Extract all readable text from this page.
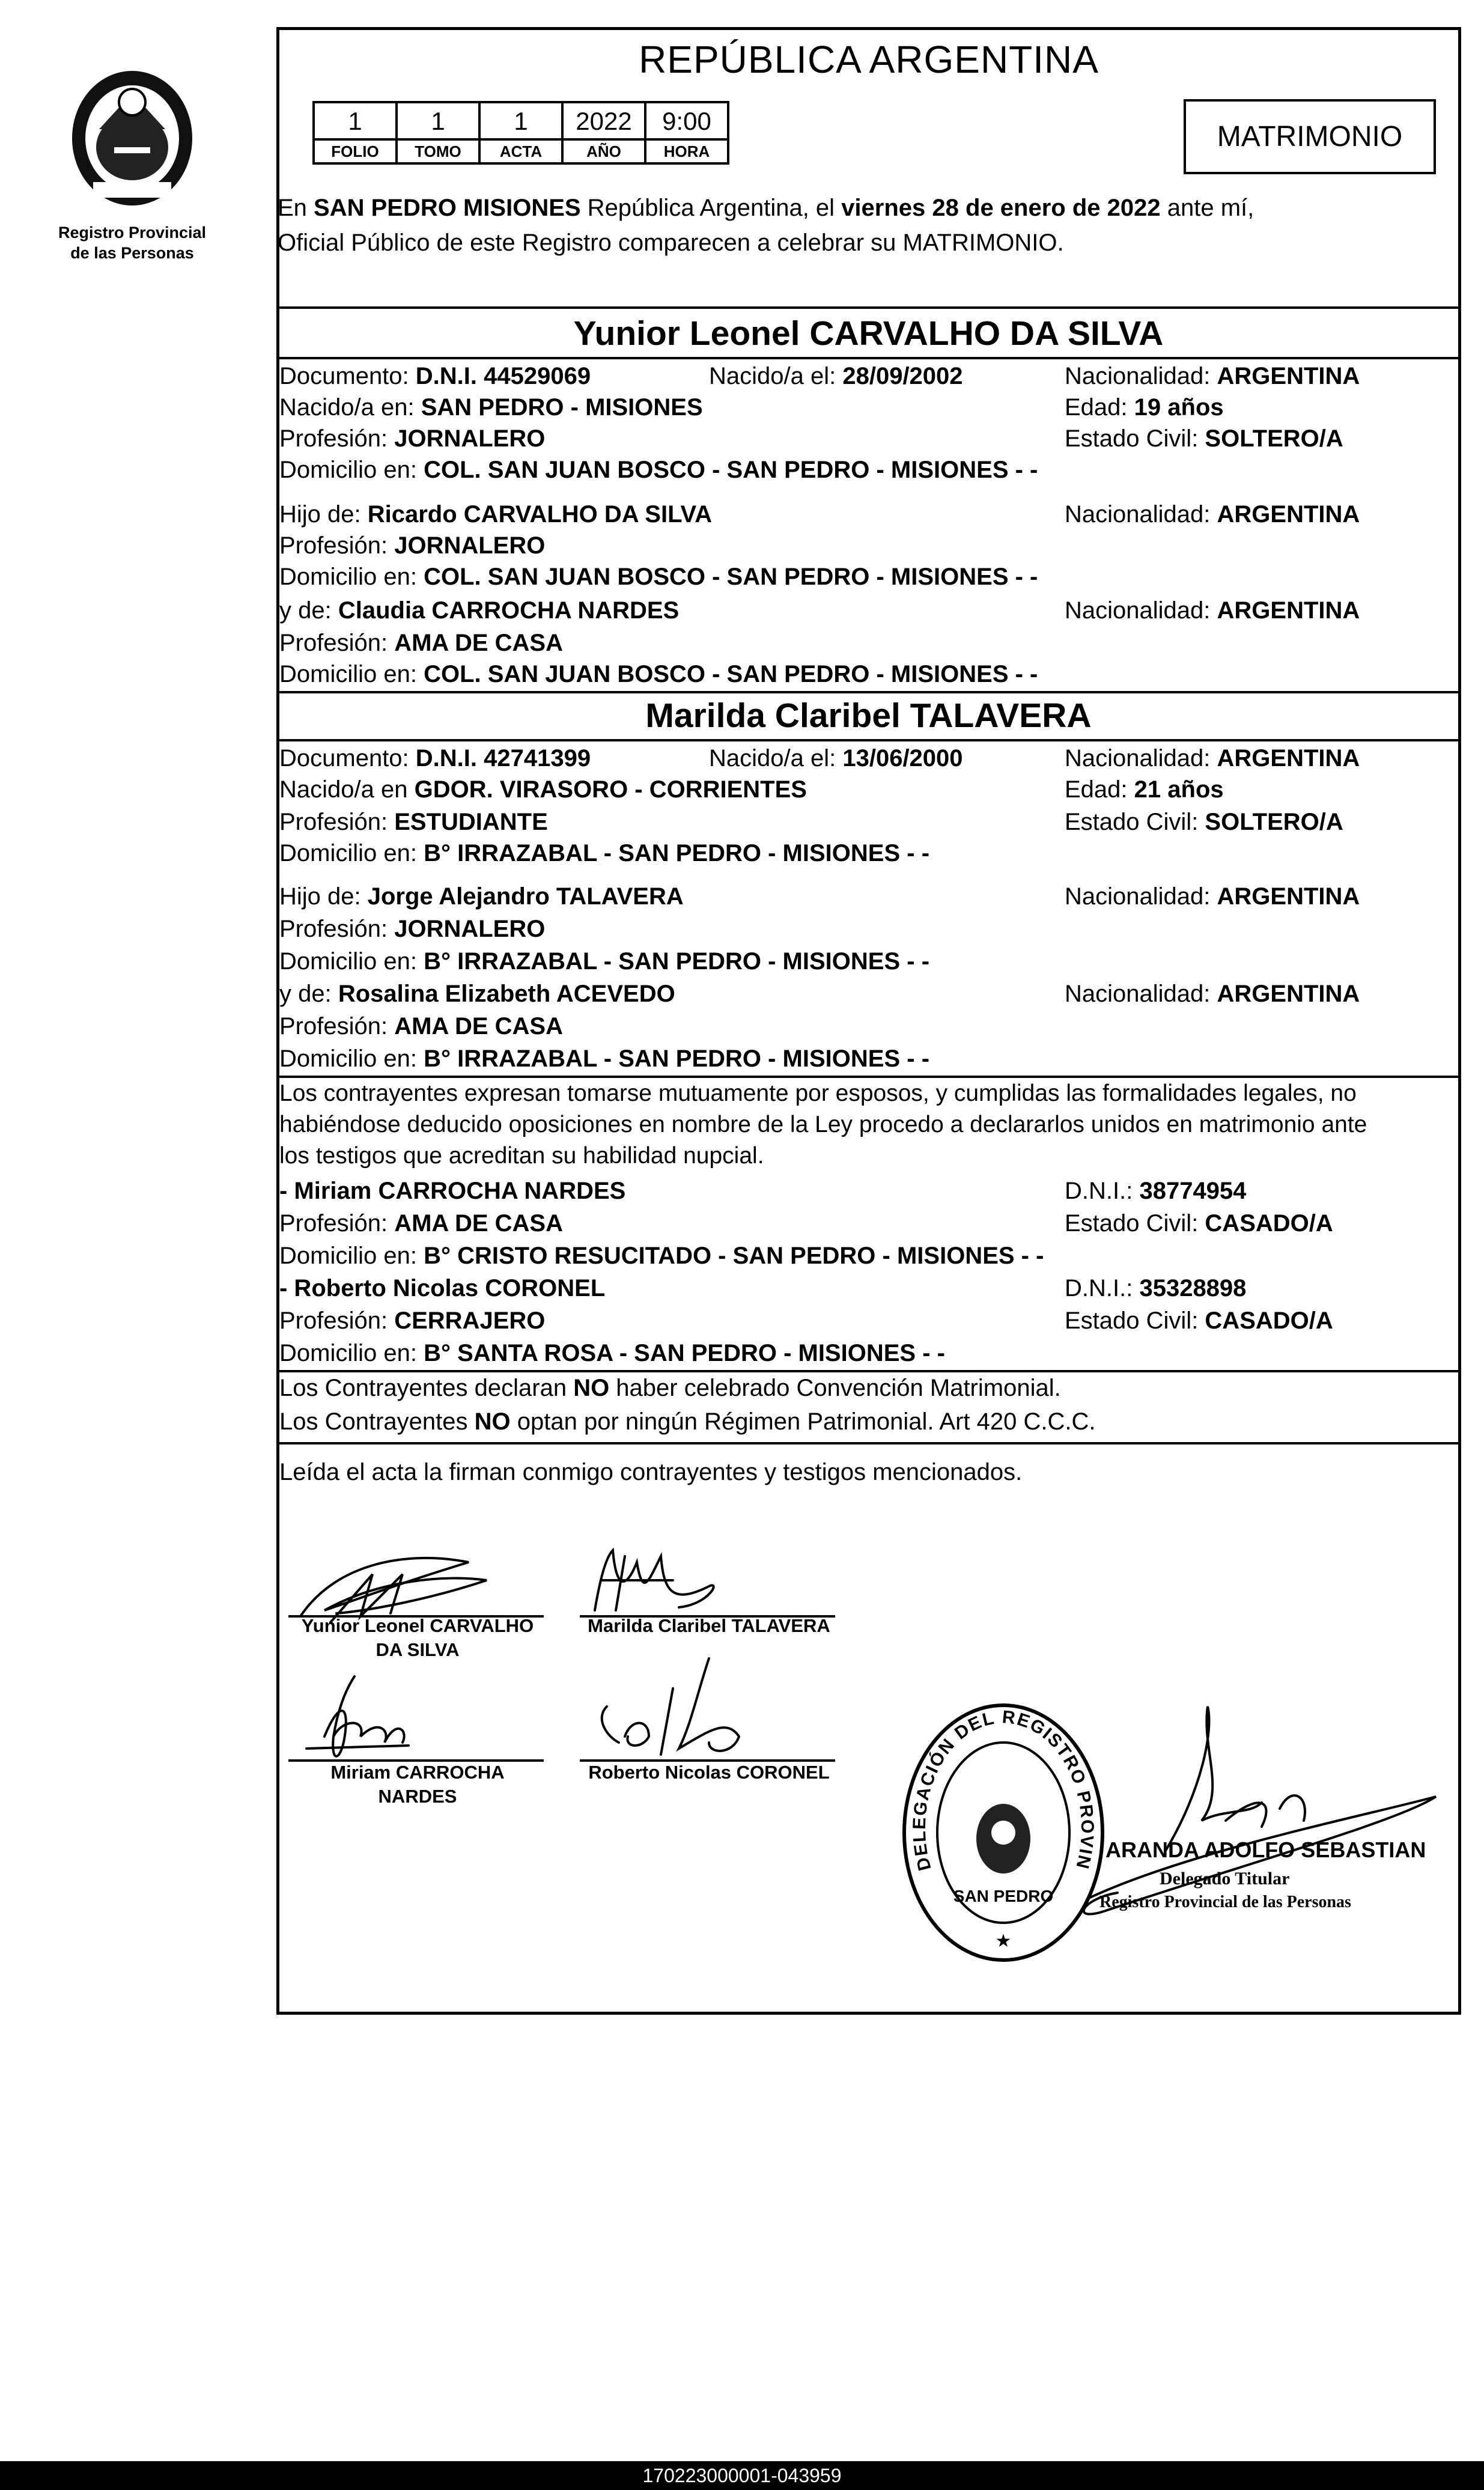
Registro Provincial
de las Personas
REPÚBLICA ARGENTINA
1	1	1	2022	9:00
FOLIO	TOMO	ACTA	AÑO	HORA	MATRIMONIO
En SAN PEDRO MISIONES República Argentina, el viernes 28 de enero de 2022 ante mí,
Oficial Público de este Registro comparecen a celebrar su MATRIMONIO.
Yunior Leonel CARVALHO DA SILVA
Documento: D.N.I. 44529069	Nacido/a el: 28/09/2002	Nacionalidad: ARGENTINA
Nacido/a en: SAN PEDRO - MISIONES	Edad: 19 años
Profesión: JORNALERO	Estado Civil: SOLTERO/A
Domicilio en: COL. SAN JUAN BOSCO - SAN PEDRO - MISIONES - -
Hijo de: Ricardo CARVALHO DA SILVA	Nacionalidad: ARGENTINA
Profesión: JORNALERO
Domicilio en: COL. SAN JUAN BOSCO - SAN PEDRO - MISIONES - -
y de: Claudia CARROCHA NARDES	Nacionalidad: ARGENTINA
Profesión: AMA DE CASA
Domicilio en: COL. SAN JUAN BOSCO - SAN PEDRO - MISIONES - -
Marilda Claribel TALAVERA
Documento: D.N.I. 42741399	Nacido/a el: 13/06/2000	Nacionalidad: ARGENTINA
Nacido/a en GDOR. VIRASORO - CORRIENTES	Edad: 21 años
Profesión: ESTUDIANTE	Estado Civil: SOLTERO/A
Domicilio en: B° IRRAZABAL - SAN PEDRO - MISIONES - -
Hijo de: Jorge Alejandro TALAVERA	Nacionalidad: ARGENTINA
Profesión: JORNALERO
Domicilio en: B° IRRAZABAL - SAN PEDRO - MISIONES - -
y de: Rosalina Elizabeth ACEVEDO	Nacionalidad: ARGENTINA
Profesión: AMA DE CASA
Domicilio en: B° IRRAZABAL - SAN PEDRO - MISIONES - -
Los contrayentes expresan tomarse mutuamente por esposos, y cumplidas las formalidades legales, no
habiéndose deducido oposiciones en nombre de la Ley procedo a declararlos unidos en matrimonio ante
los testigos que acreditan su habilidad nupcial.
- Miriam CARROCHA NARDES	D.N.I.: 38774954
Profesión: AMA DE CASA	Estado Civil: CASADO/A
Domicilio en: B° CRISTO RESUCITADO - SAN PEDRO - MISIONES - -
- Roberto Nicolas CORONEL	D.N.I.: 35328898
Profesión: CERRAJERO	Estado Civil: CASADO/A
Domicilio en: B° SANTA ROSA - SAN PEDRO - MISIONES - -
Los Contrayentes declaran NO haber celebrado Convención Matrimonial.
Los Contrayentes NO optan por ningún Régimen Patrimonial. Art 420 C.C.C.
Leída el acta la firman conmigo contrayentes y testigos mencionados.
Yunior Leonel CARVALHO
DA SILVA
Marilda Claribel TALAVERA
Miriam CARROCHA
NARDES
Roberto Nicolas CORONEL
DELEGACIÓN DEL REGISTRO PROVIN
SAN PEDRO
★
ARANDA ADOLFO SEBASTIAN
Delegado Titular
Registro Provincial de las Personas
170223000001-043959
